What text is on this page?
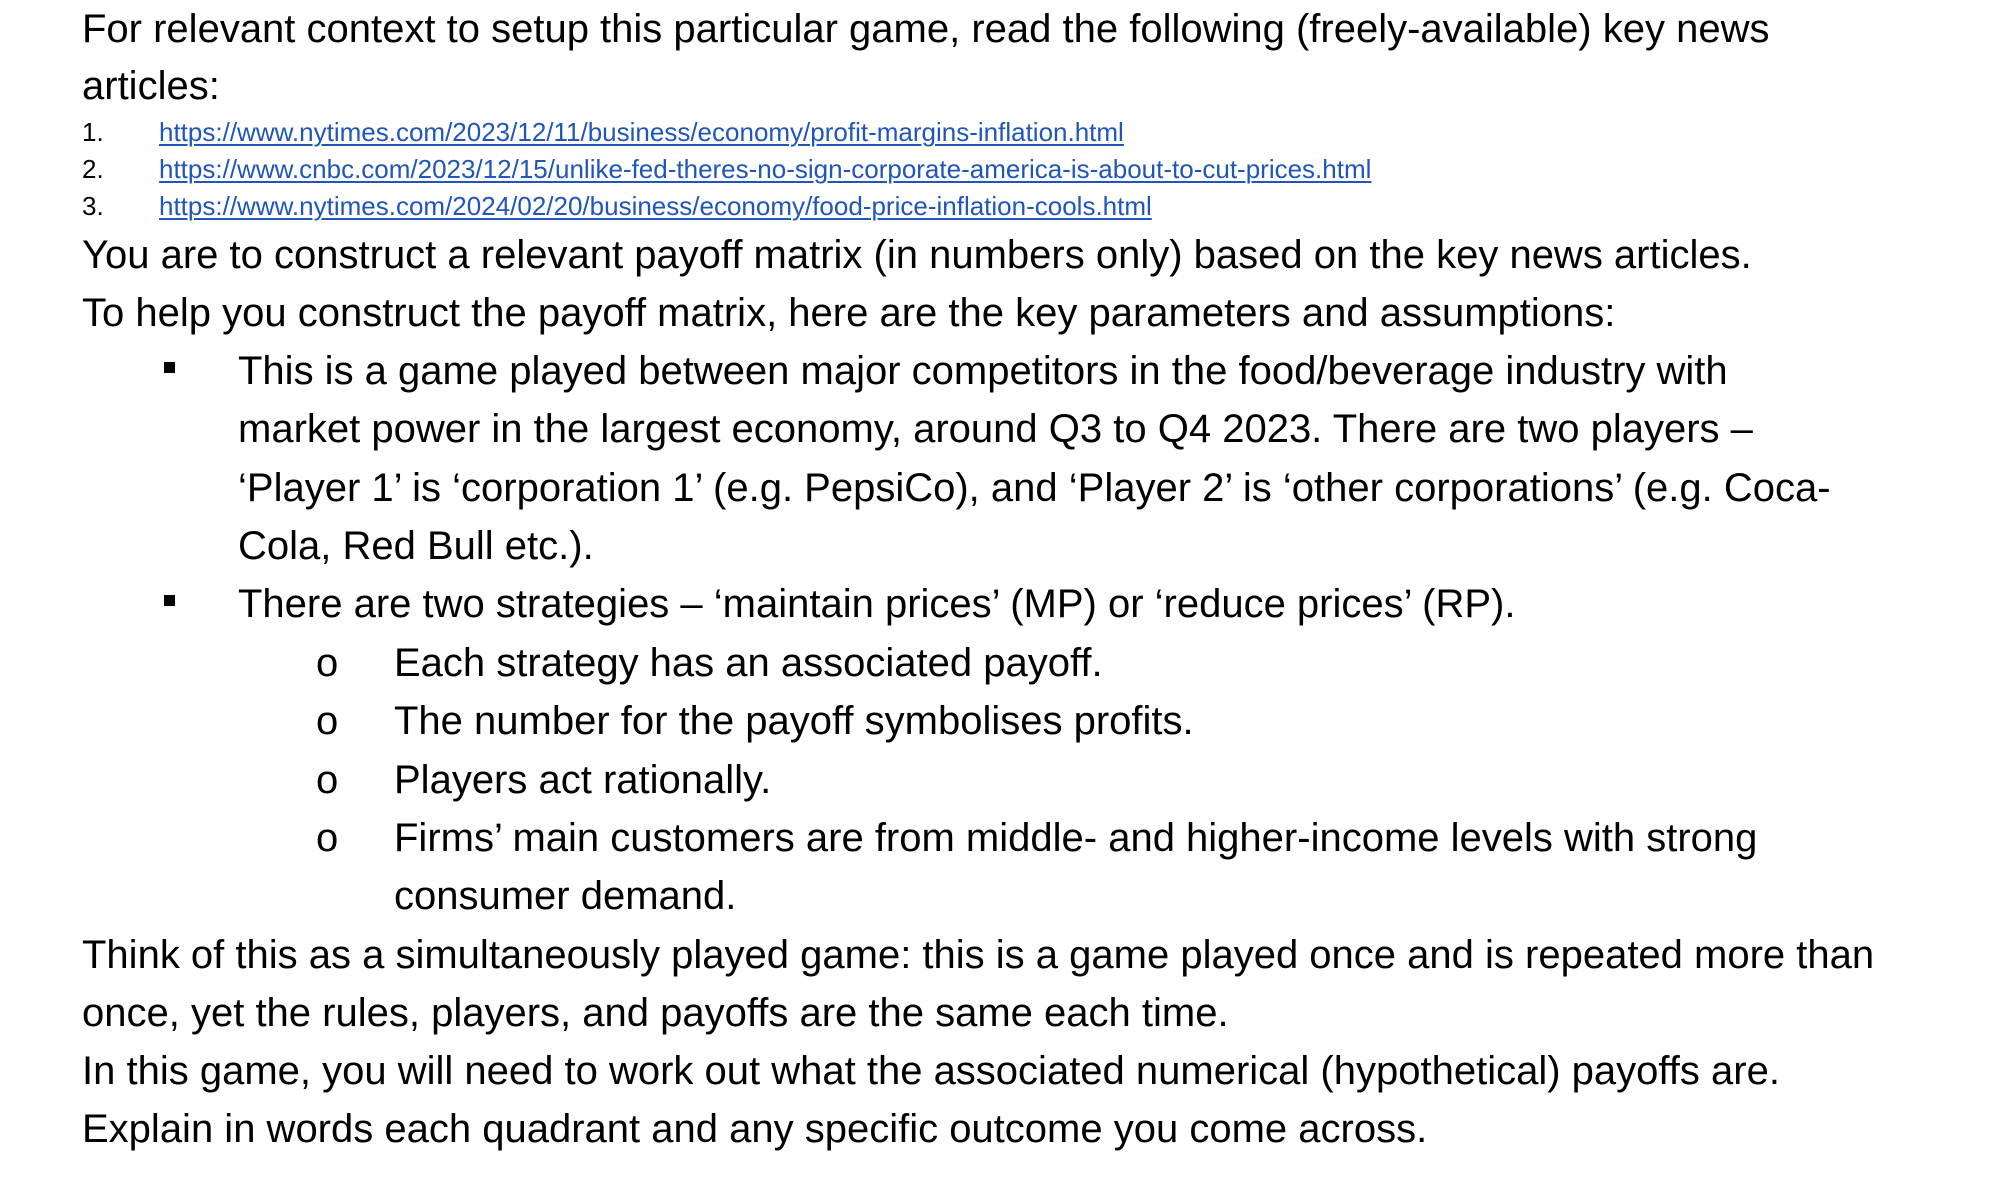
For relevant context to setup this particular game, read the following (freely-available) key news
articles:
1. https://www.nytimes.com/2023/12/11/business/economy/profit-margins-inflation.html
2. https://www.cnbc.com/2023/12/15/unlike-fed-theres-no-sign-corporate-america-is-about-to-cut-prices.html
3. https://www.nytimes.com/2024/02/20/business/economy/food-price-inflation-cools.html
You are to construct a relevant payoff matrix (in numbers only) based on the key news articles.
To help you construct the payoff matrix, here are the key parameters and assumptions:
This is a game played between major competitors in the food/beverage industry with
market power in the largest economy, around Q3 to Q4 2023. There are two players –
‘Player 1’ is ‘corporation 1’ (e.g. PepsiCo), and ‘Player 2’ is ‘other corporations’ (e.g. Coca-
Cola, Red Bull etc.).
There are two strategies – ‘maintain prices’ (MP) or ‘reduce prices’ (RP).
o Each strategy has an associated payoff.
o The number for the payoff symbolises profits.
o Players act rationally.
o Firms’ main customers are from middle- and higher-income levels with strong
consumer demand.
Think of this as a simultaneously played game: this is a game played once and is repeated more than
once, yet the rules, players, and payoffs are the same each time.
In this game, you will need to work out what the associated numerical (hypothetical) payoffs are.
Explain in words each quadrant and any specific outcome you come across.
